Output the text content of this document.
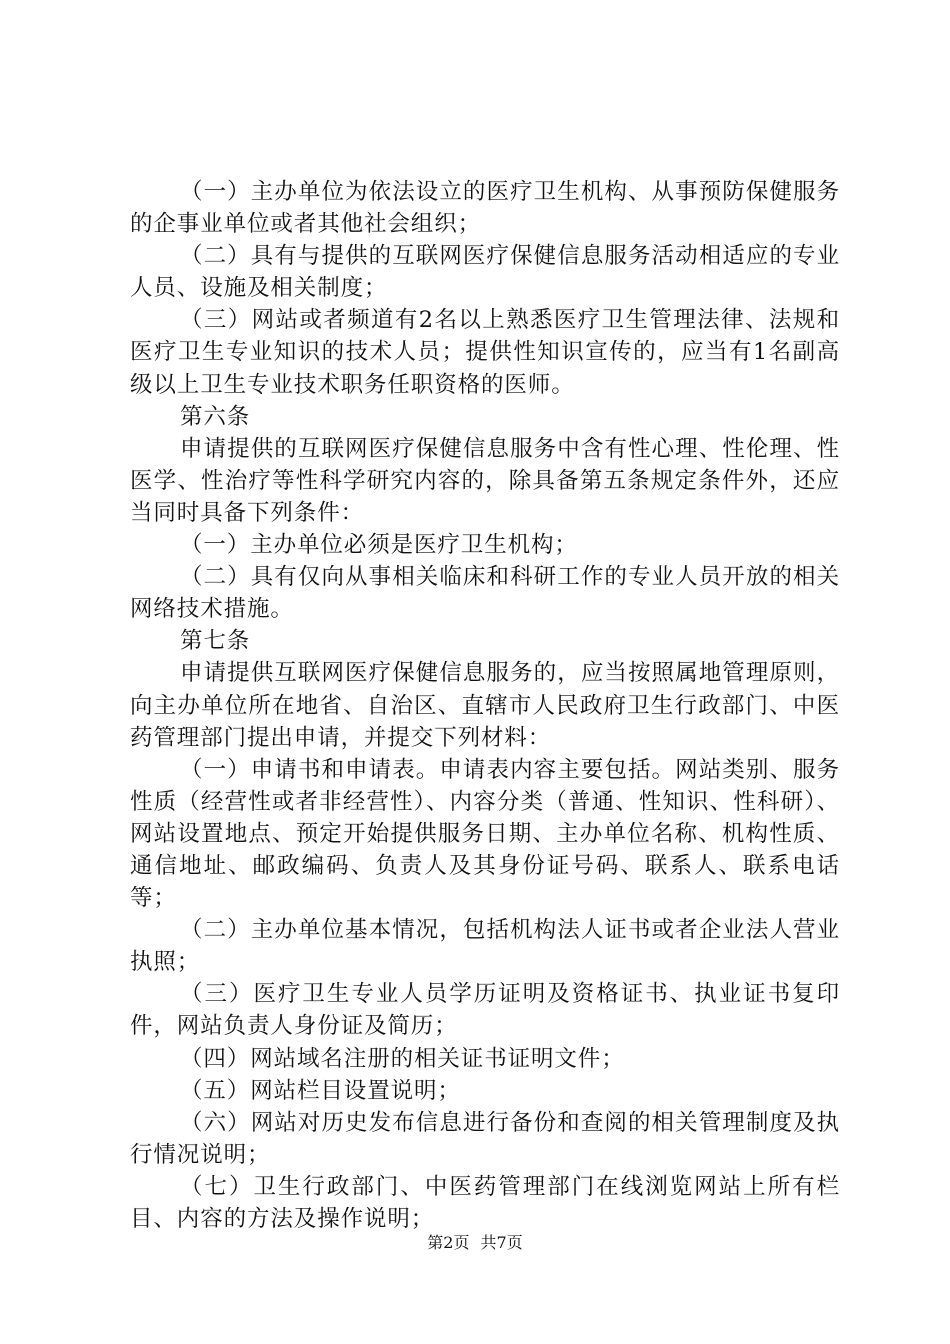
（一）主办单位为依法设立的医疗卫生机构、从事预防保健服务的企事业单位或者其他社会组织；

（二）具有与提供的互联网医疗保健信息服务活动相适应的专业人员、设施及相关制度；

（三）网站或者频道有2名以上熟悉医疗卫生管理法律、法规和医疗卫生专业知识的技术人员；提供性知识宣传的，应当有1名副高级以上卫生专业技术职务任职资格的医师。

第六条

申请提供的互联网医疗保健信息服务中含有性心理、性伦理、性医学、性治疗等性科学研究内容的，除具备第五条规定条件外，还应当同时具备下列条件：

（一）主办单位必须是医疗卫生机构；

（二）具有仅向从事相关临床和科研工作的专业人员开放的相关网络技术措施。

第七条

申请提供互联网医疗保健信息服务的，应当按照属地管理原则，向主办单位所在地省、自治区、直辖市人民政府卫生行政部门、中医药管理部门提出申请，并提交下列材料：

（一）申请书和申请表。申请表内容主要包括。网站类别、服务性质（经营性或者非经营性）、内容分类（普通、性知识、性科研）、网站设置地点、预定开始提供服务日期、主办单位名称、机构性质、通信地址、邮政编码、负责人及其身份证号码、联系人、联系电话等；

（二）主办单位基本情况，包括机构法人证书或者企业法人营业执照；

（三）医疗卫生专业人员学历证明及资格证书、执业证书复印件，网站负责人身份证及简历；

（四）网站域名注册的相关证书证明文件；

（五）网站栏目设置说明；

（六）网站对历史发布信息进行备份和查阅的相关管理制度及执行情况说明；

（七）卫生行政部门、中医药管理部门在线浏览网站上所有栏目、内容的方法及操作说明；

第2页 共7页
